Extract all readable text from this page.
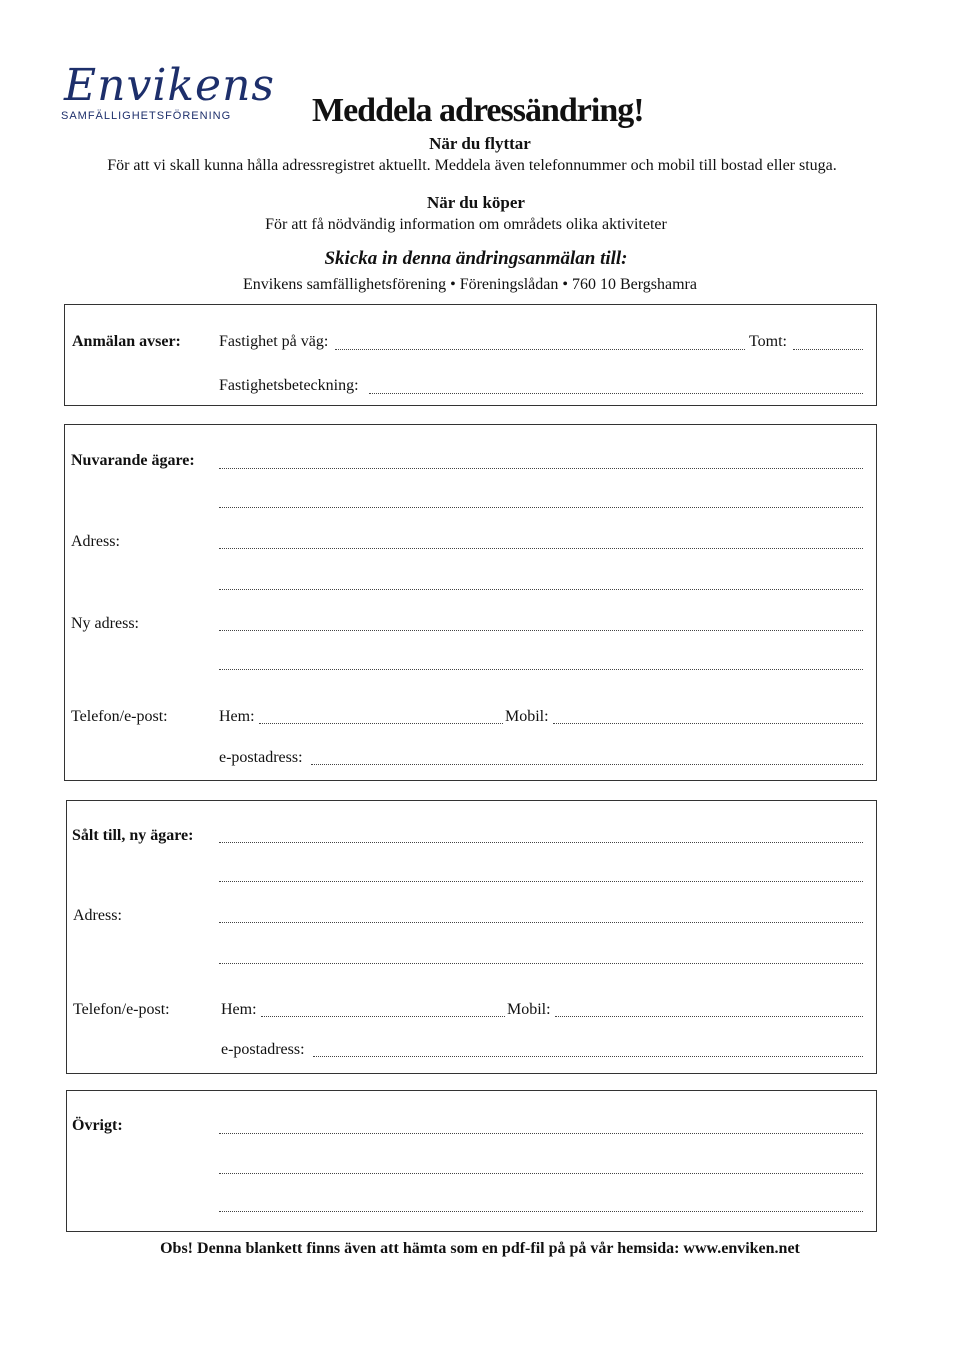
Envikens
SAMFÄLLIGHETSFÖRENING Meddela adressändring!
När du flyttar
För att vi skall kunna hålla adressregistret aktuellt. Meddela även telefonnummer och mobil till bostad eller stuga.
När du köper
För att få nödvändig information om områdets olika aktiviteter
Skicka in denna ändringsanmälan till:
Envikens samfällighetsförening • Föreningslådan • 760 10 Bergshamra
Anmälan avser: Fastighet på väg:	Tomt:
Fastighetsbeteckning:
Nuvarande ägare:
Adress:
Ny adress:
Telefon/e-post:	Hem:	Mobil:
e-postadress:
Sålt till, ny ägare:
Adress:
Telefon/e-post:	Hem:	Mobil:
e-postadress:
Övrigt:
Obs! Denna blankett finns även att hämta som en pdf-fil på på vår hemsida: www.enviken.net
